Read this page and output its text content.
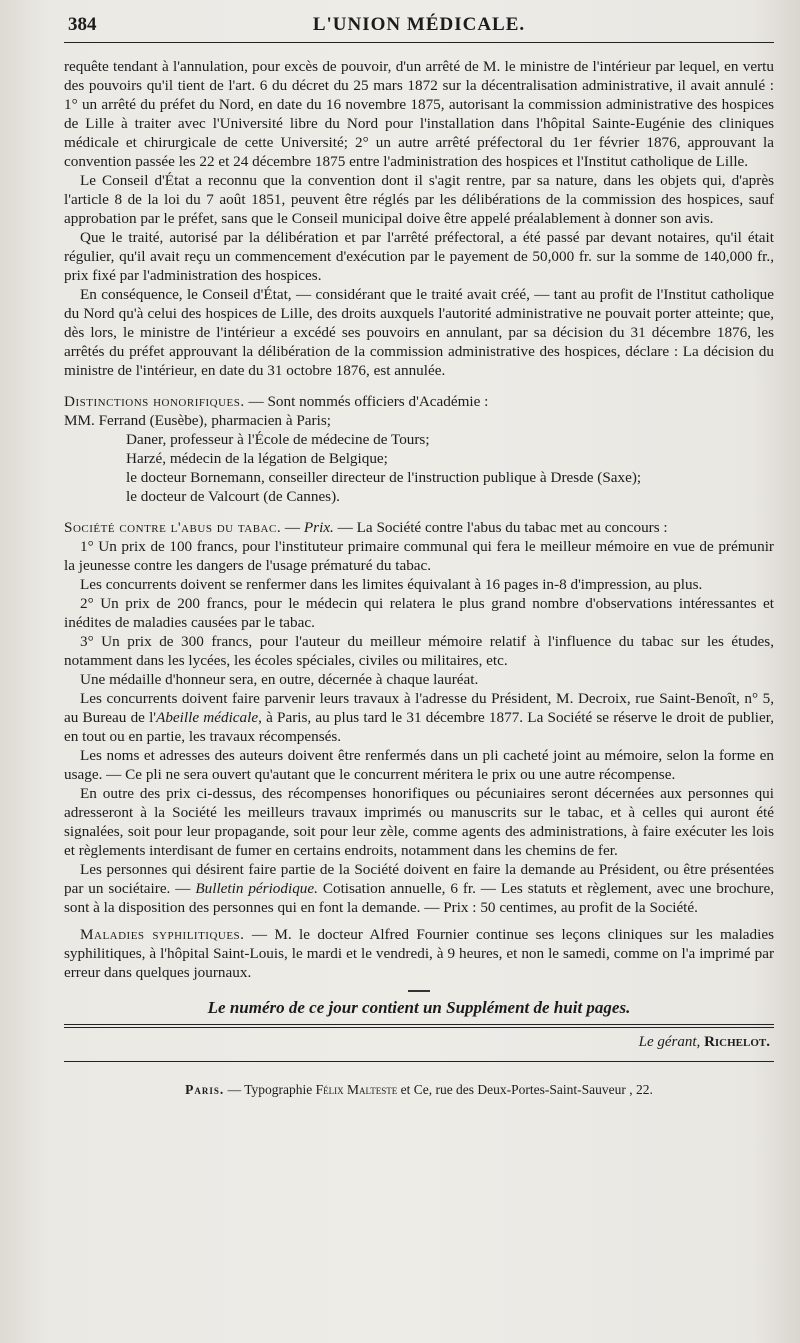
384	L'UNION MÉDICALE.

requête tendant à l'annulation, pour excès de pouvoir, d'un arrêté de M. le ministre de l'intérieur par lequel, en vertu des pouvoirs qu'il tient de l'art. 6 du décret du 25 mars 1872 sur la décentralisation administrative, il avait annulé : 1° un arrêté du préfet du Nord, en date du 16 novembre 1875, autorisant la commission administrative des hospices de Lille à traiter avec l'Université libre du Nord pour l'installation dans l'hôpital Sainte-Eugénie des cliniques médicale et chirurgicale de cette Université; 2° un autre arrêté préfectoral du 1er février 1876, approuvant la convention passée les 22 et 24 décembre 1875 entre l'administration des hospices et l'Institut catholique de Lille.

Le Conseil d'État a reconnu que la convention dont il s'agit rentre, par sa nature, dans les objets qui, d'après l'article 8 de la loi du 7 août 1851, peuvent être réglés par les délibérations de la commission des hospices, sauf approbation par le préfet, sans que le Conseil municipal doive être appelé préalablement à donner son avis.

Que le traité, autorisé par la délibération et par l'arrêté préfectoral, a été passé par devant notaires, qu'il était régulier, qu'il avait reçu un commencement d'exécution par le payement de 50,000 fr. sur la somme de 140,000 fr., prix fixé par l'administration des hospices.

En conséquence, le Conseil d'État, — considérant que le traité avait créé, — tant au profit de l'Institut catholique du Nord qu'à celui des hospices de Lille, des droits auxquels l'autorité administrative ne pouvait porter atteinte; que, dès lors, le ministre de l'intérieur a excédé ses pouvoirs en annulant, par sa décision du 31 décembre 1876, les arrêtés du préfet approuvant la délibération de la commission administrative des hospices, déclare : La décision du ministre de l'intérieur, en date du 31 octobre 1876, est annulée.

Distinctions honorifiques. — Sont nommés officiers d'Académie :
MM. Ferrand (Eusèbe), pharmacien à Paris;
Daner, professeur à l'École de médecine de Tours;
Harzé, médecin de la légation de Belgique;
le docteur Bornemann, conseiller directeur de l'instruction publique à Dresde (Saxe);
le docteur de Valcourt (de Cannes).
Société contre l'abus du tabac. — Prix. — La Société contre l'abus du tabac met au concours :

1° Un prix de 100 francs, pour l'instituteur primaire communal qui fera le meilleur mémoire en vue de prémunir la jeunesse contre les dangers de l'usage prématuré du tabac.

Les concurrents doivent se renfermer dans les limites équivalant à 16 pages in-8 d'impression, au plus.

2° Un prix de 200 francs, pour le médecin qui relatera le plus grand nombre d'observations intéressantes et inédites de maladies causées par le tabac.

3° Un prix de 300 francs, pour l'auteur du meilleur mémoire relatif à l'influence du tabac sur les études, notamment dans les lycées, les écoles spéciales, civiles ou militaires, etc.

Une médaille d'honneur sera, en outre, décernée à chaque lauréat.

Les concurrents doivent faire parvenir leurs travaux à l'adresse du Président, M. Decroix, rue Saint-Benoît, n° 5, au Bureau de l'Abeille médicale, à Paris, au plus tard le 31 décembre 1877. La Société se réserve le droit de publier, en tout ou en partie, les travaux récompensés.

Les noms et adresses des auteurs doivent être renfermés dans un pli cacheté joint au mémoire, selon la forme en usage. — Ce pli ne sera ouvert qu'autant que le concurrent méritera le prix ou une autre récompense.

En outre des prix ci-dessus, des récompenses honorifiques ou pécuniaires seront décernées aux personnes qui adresseront à la Société les meilleurs travaux imprimés ou manuscrits sur le tabac, et à celles qui auront été signalées, soit pour leur propagande, soit pour leur zèle, comme agents des administrations, à faire exécuter les lois et règlements interdisant de fumer en certains endroits, notamment dans les chemins de fer.

Les personnes qui désirent faire partie de la Société doivent en faire la demande au Président, ou être présentées par un sociétaire. — Bulletin périodique. Cotisation annuelle, 6 fr. — Les statuts et règlement, avec une brochure, sont à la disposition des personnes qui en font la demande. — Prix : 50 centimes, au profit de la Société.

Maladies syphilitiques. — M. le docteur Alfred Fournier continue ses leçons cliniques sur les maladies syphilitiques, à l'hôpital Saint-Louis, le mardi et le vendredi, à 9 heures, et non le samedi, comme on l'a imprimé par erreur dans quelques journaux.

Le numéro de ce jour contient un Supplément de huit pages.
Le gérant, Richelot.
Paris. — Typographie Félix Malteste et Ce, rue des Deux-Portes-Saint-Sauveur , 22.
